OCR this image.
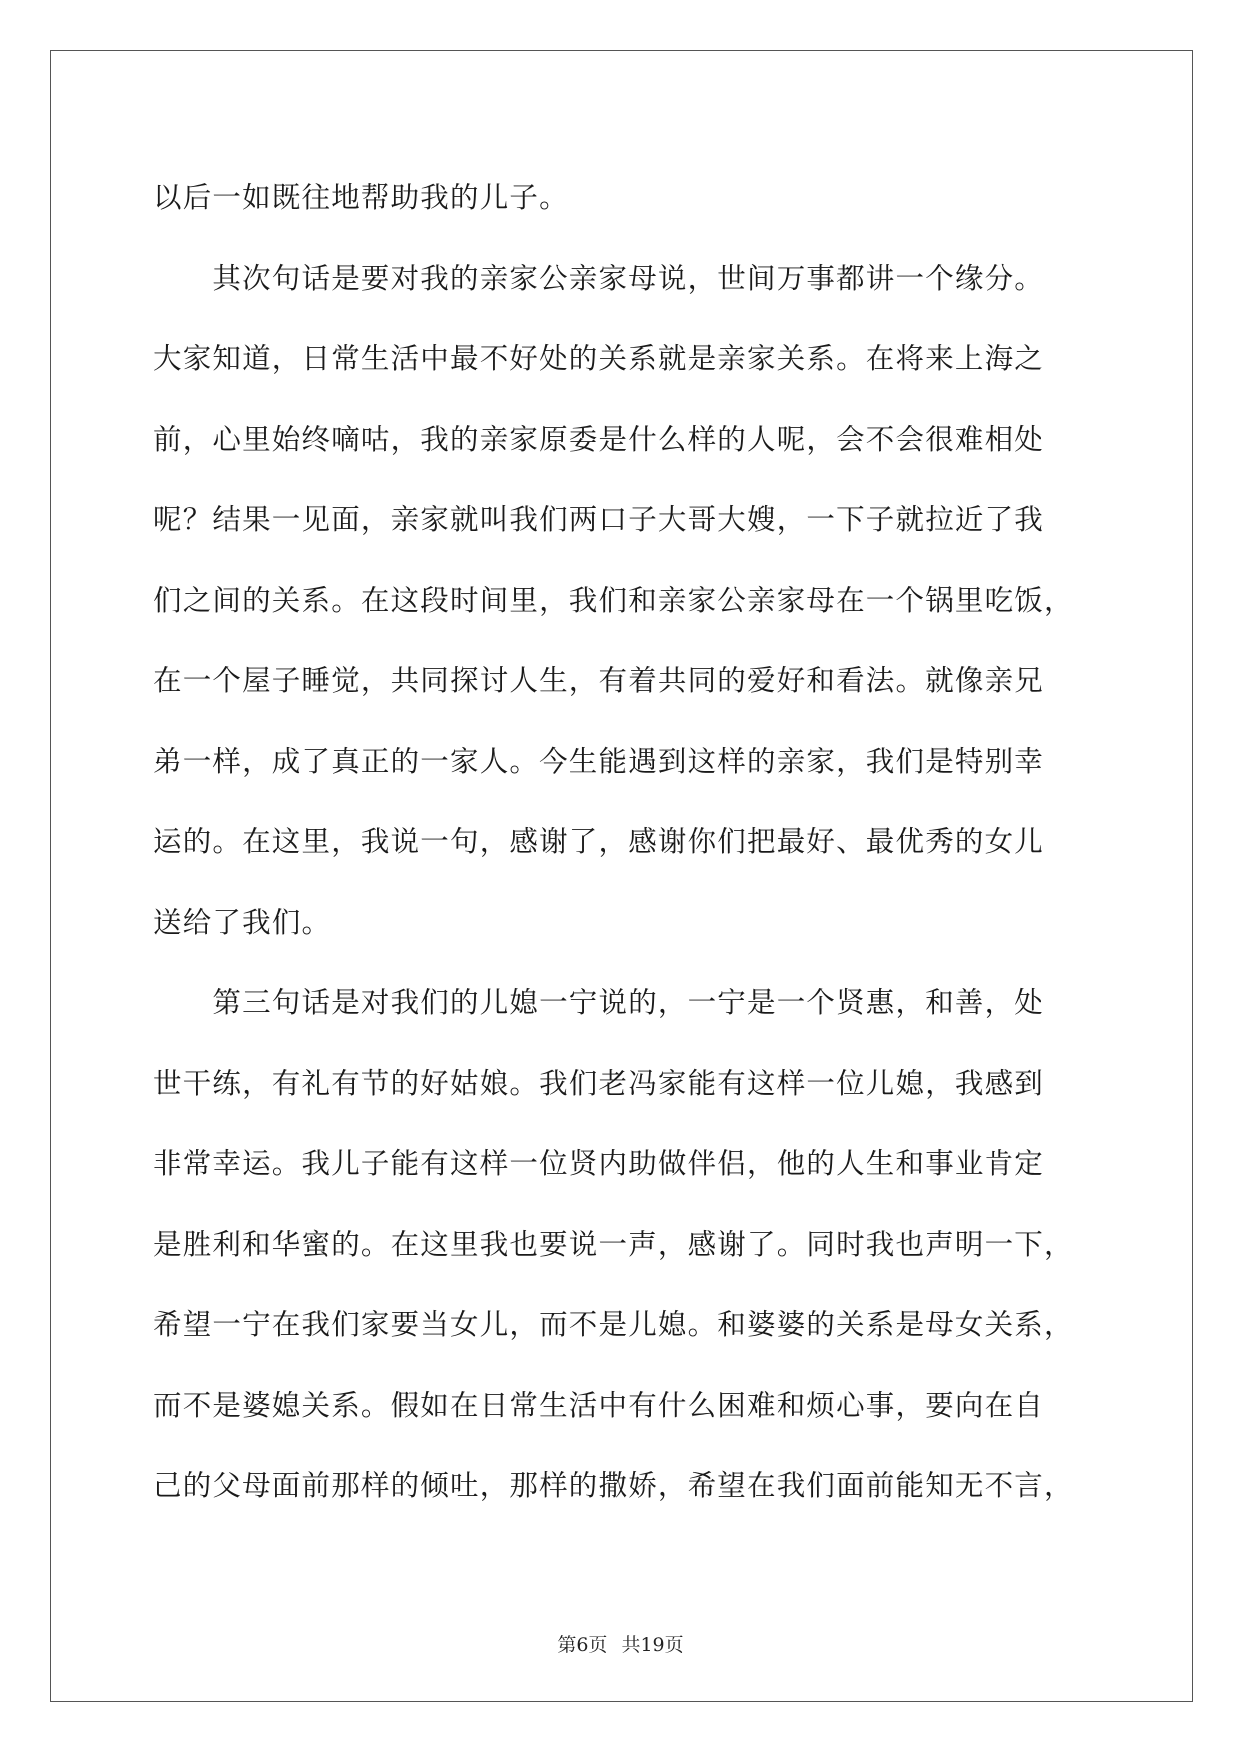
以后一如既往地帮助我的儿子。
　　其次句话是要对我的亲家公亲家母说，世间万事都讲一个缘分。
大家知道，日常生活中最不好处的关系就是亲家关系。在将来上海之
前，心里始终嘀咕，我的亲家原委是什么样的人呢，会不会很难相处
呢？结果一见面，亲家就叫我们两口子大哥大嫂，一下子就拉近了我
们之间的关系。在这段时间里，我们和亲家公亲家母在一个锅里吃饭，
在一个屋子睡觉，共同探讨人生，有着共同的爱好和看法。就像亲兄
弟一样，成了真正的一家人。今生能遇到这样的亲家，我们是特别幸
运的。在这里，我说一句，感谢了，感谢你们把最好、最优秀的女儿
送给了我们。
　　第三句话是对我们的儿媳一宁说的，一宁是一个贤惠，和善，处
世干练，有礼有节的好姑娘。我们老冯家能有这样一位儿媳，我感到
非常幸运。我儿子能有这样一位贤内助做伴侣，他的人生和事业肯定
是胜利和华蜜的。在这里我也要说一声，感谢了。同时我也声明一下，
希望一宁在我们家要当女儿，而不是儿媳。和婆婆的关系是母女关系，
而不是婆媳关系。假如在日常生活中有什么困难和烦心事，要向在自
己的父母面前那样的倾吐，那样的撒娇，希望在我们面前能知无不言，
第6页 共19页
